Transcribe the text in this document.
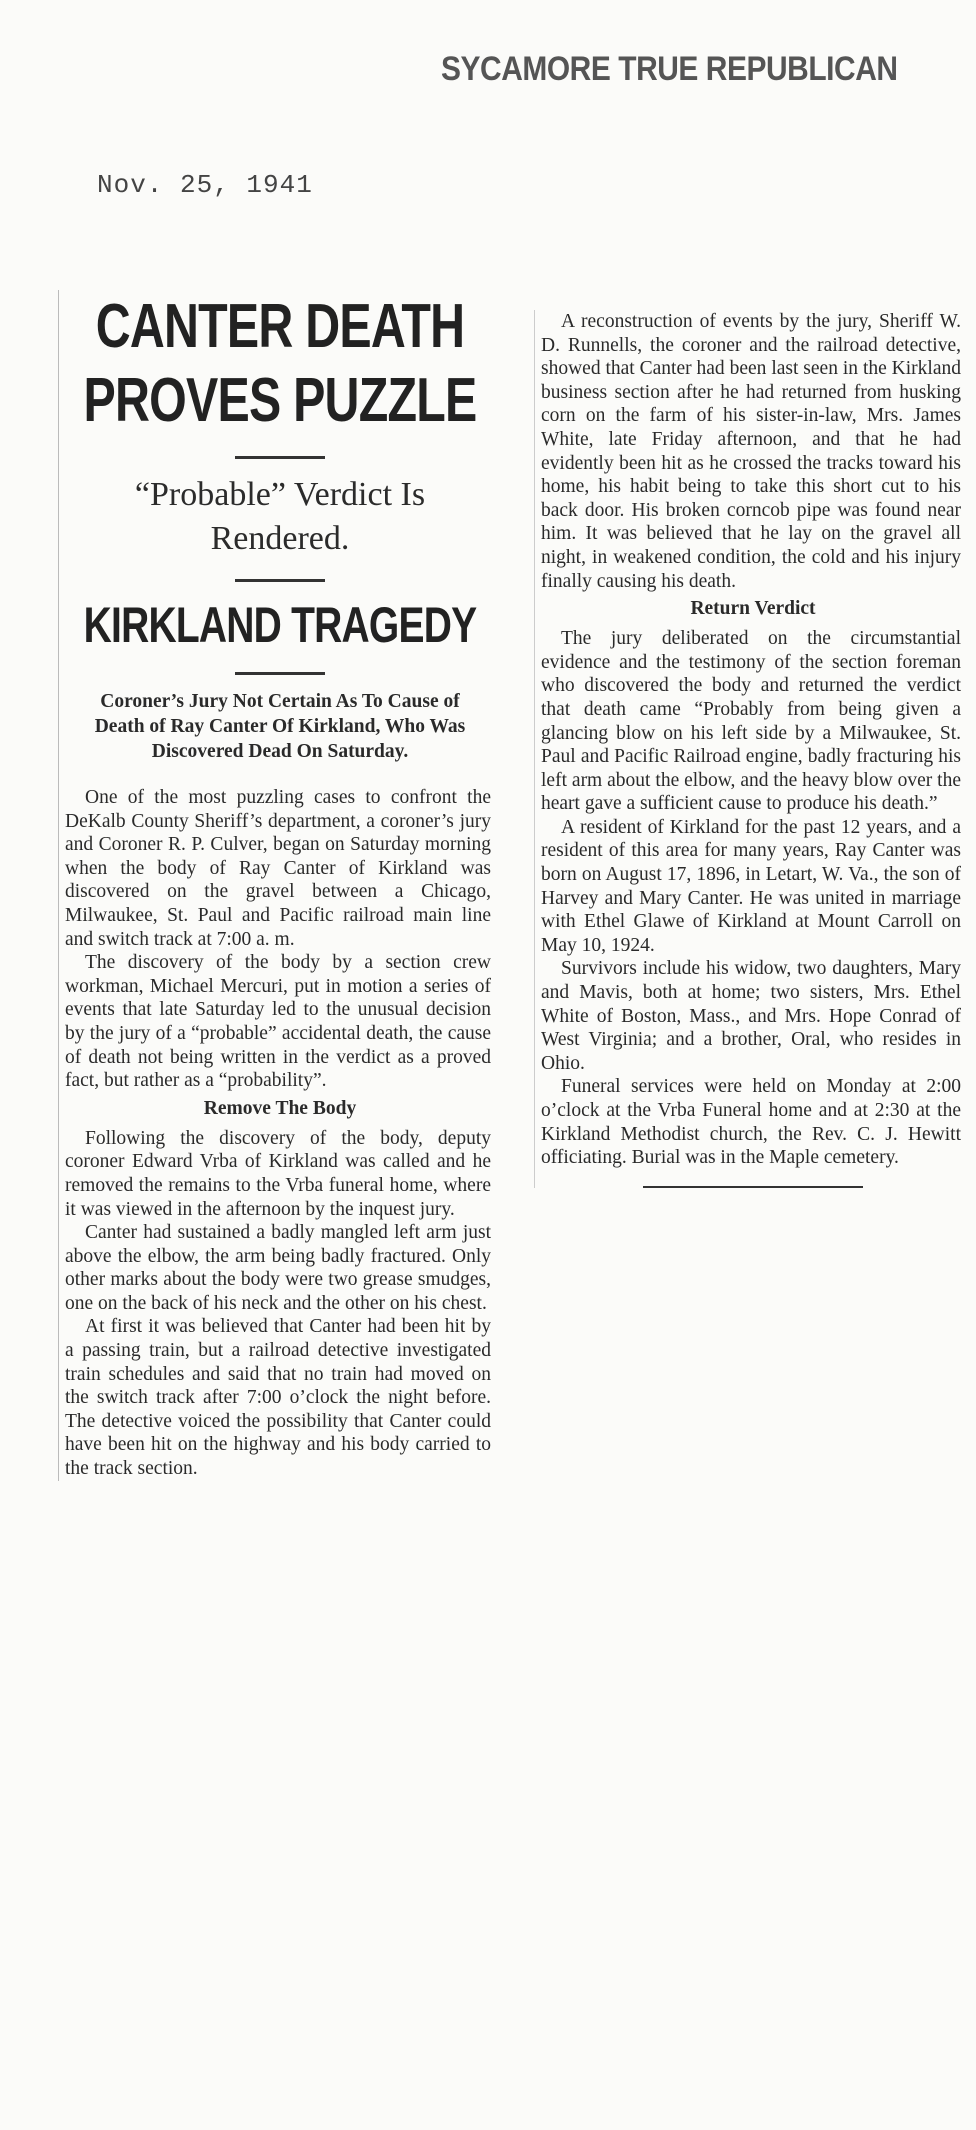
SYCAMORE TRUE REPUBLICAN
Nov. 25, 1941
CANTER DEATH
PROVES PUZZLE
“Probable” Verdict Is
Rendered.
KIRKLAND TRAGEDY
Coroner’s Jury Not Certain As To Cause of Death of Ray Canter Of Kirkland, Who Was Discovered Dead On Saturday.

One of the most puzzling cases to confront the DeKalb County Sheriff’s department, a coroner’s jury and Coroner R. P. Culver, began on Saturday morning when the body of Ray Canter of Kirkland was discovered on the gravel between a Chicago, Milwaukee, St. Paul and Pacific railroad main line and switch track at 7:00 a. m.

The discovery of the body by a section crew workman, Michael Mercuri, put in motion a series of events that late Saturday led to the unusual decision by the jury of a “probable” accidental death, the cause of death not being written in the verdict as a proved fact, but rather as a “probability”.

Remove The Body

Following the discovery of the body, deputy coroner Edward Vrba of Kirkland was called and he removed the remains to the Vrba funeral home, where it was viewed in the afternoon by the inquest jury.

Canter had sustained a badly mangled left arm just above the elbow, the arm being badly fractured. Only other marks about the body were two grease smudges, one on the back of his neck and the other on his chest.

At first it was believed that Canter had been hit by a passing train, but a railroad detective investigated train schedules and said that no train had moved on the switch track after 7:00 o’clock the night before. The detective voiced the possibility that Canter could have been hit on the highway and his body carried to the track section.

A reconstruction of events by the jury, Sheriff W. D. Runnells, the coroner and the railroad detective, showed that Canter had been last seen in the Kirkland business section after he had returned from husking corn on the farm of his sister-in-law, Mrs. James White, late Friday afternoon, and that he had evidently been hit as he crossed the tracks toward his home, his habit being to take this short cut to his back door. His broken corncob pipe was found near him. It was believed that he lay on the gravel all night, in weakened condition, the cold and his injury finally causing his death.

Return Verdict

The jury deliberated on the circumstantial evidence and the testimony of the section foreman who discovered the body and returned the verdict that death came “Probably from being given a glancing blow on his left side by a Milwaukee, St. Paul and Pacific Railroad engine, badly fracturing his left arm about the elbow, and the heavy blow over the heart gave a sufficient cause to produce his death.”

A resident of Kirkland for the past 12 years, and a resident of this area for many years, Ray Canter was born on August 17, 1896, in Letart, W. Va., the son of Harvey and Mary Canter. He was united in marriage with Ethel Glawe of Kirkland at Mount Carroll on May 10, 1924.

Survivors include his widow, two daughters, Mary and Mavis, both at home; two sisters, Mrs. Ethel White of Boston, Mass., and Mrs. Hope Conrad of West Virginia; and a brother, Oral, who resides in Ohio.

Funeral services were held on Monday at 2:00 o’clock at the Vrba Funeral home and at 2:30 at the Kirkland Methodist church, the Rev. C. J. Hewitt officiating. Burial was in the Maple cemetery.
